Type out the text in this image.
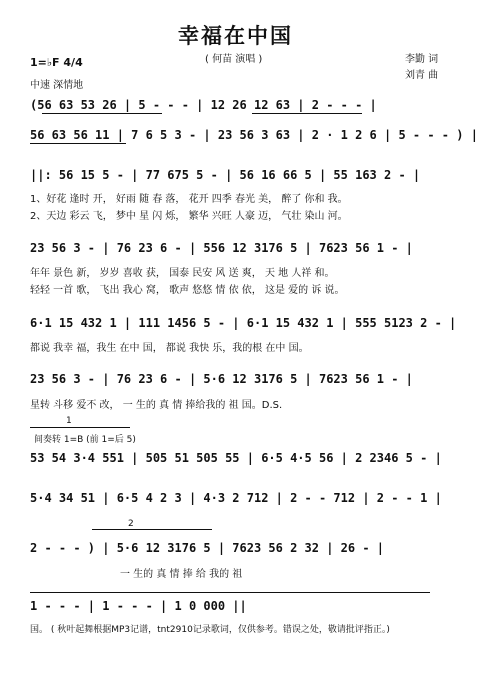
幸福在中国
( 何苗 演唱 )	李勤 词
刘青 曲
1=♭F 4/4
中速 深情地
(56 63 53 26 | 5 - - - | 12 26 12 63 | 2 - - - |
56 63 56 11 | 7 6 5 3 - | 23 56 3 63 | 2 · 1 2 6 | 5 - - - ) |
||: 56 15 5 - | 77 675 5 - | 56 16 66 5 | 55 163 2 - |
1、好花 逢时 开， 好雨 随 春 落， 花开 四季 春光 美， 醉了 你和 我。
2、天边 彩云 飞， 梦中 星 闪 烁， 繁华 兴旺 人豪 迈， 气壮 染山 河。
23 56 3 - | 76 23 6 - | 556 12 3176 5 | 7623 56 1 - |
年年 景色 新， 岁岁 喜收 获， 国泰 民安 风 送 爽， 天 地 人祥 和。
轻轻 一首 歌， 飞出 我心 窝， 歌声 悠悠 情 依 依， 这是 爱的 诉 说。
6·1 15 432 1 | 111 1456 5 - | 6·1 15 432 1 | 555 5123 2 - |
都说 我幸 福，我生 在中 国， 都说 我快 乐，我的根 在中 国。
23 56 3 - | 76 23 6 - | 5·6 12 3176 5 | 7623 56 1 - |
星转 斗移 爱不 改， 一 生的 真 情 捧给我的 祖 国。D.S.
1
间奏转 1=B (前 1=后 5)
53 54 3·4 551 | 505 51 505 55 | 6·5 4·5 56 | 2 2346 5 - |
5·4 34 51 | 6·5 4 2 3 | 4·3 2 712 | 2 - - 712 | 2 - - 1 |
2
2 - - - ) | 5·6 12 3176 5 | 7623 56 2 32 | 26 - |
一 生的 真 情 捧 给 我的 祖
1 - - - | 1 - - - | 1 0 000 ||
国。 ( 秋叶起舞根据MP3记谱，tnt2910记录歌词，仅供参考。错误之处，敬请批评指正。)
